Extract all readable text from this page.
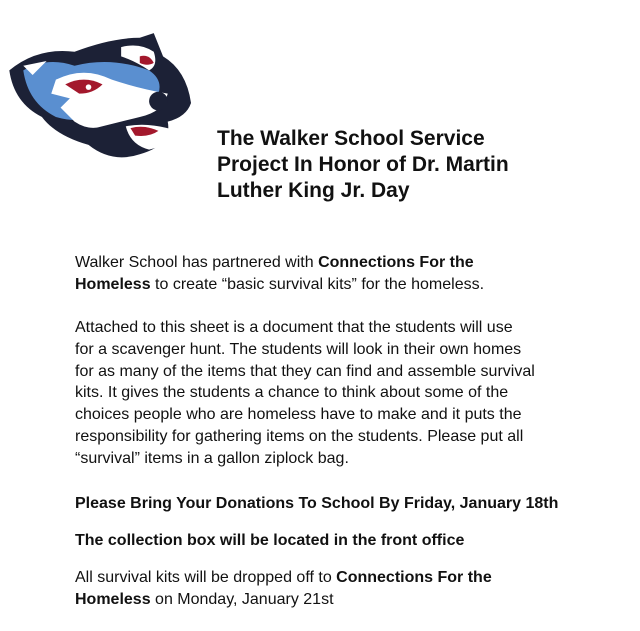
The Walker School Service
Project In Honor of Dr. Martin
Luther King Jr. Day

Walker School has partnered with Connections For the
Homeless to create “basic survival kits” for the homeless.

Attached to this sheet is a document that the students will use
for a scavenger hunt. The students will look in their own homes
for as many of the items that they can find and assemble survival
kits. It gives the students a chance to think about some of the
choices people who are homeless have to make and it puts the
responsibility for gathering items on the students. Please put all
“survival” items in a gallon ziplock bag.

Please Bring Your Donations To School By Friday, January 18th

The collection box will be located in the front office

All survival kits will be dropped off to Connections For the
Homeless on Monday, January 21st
